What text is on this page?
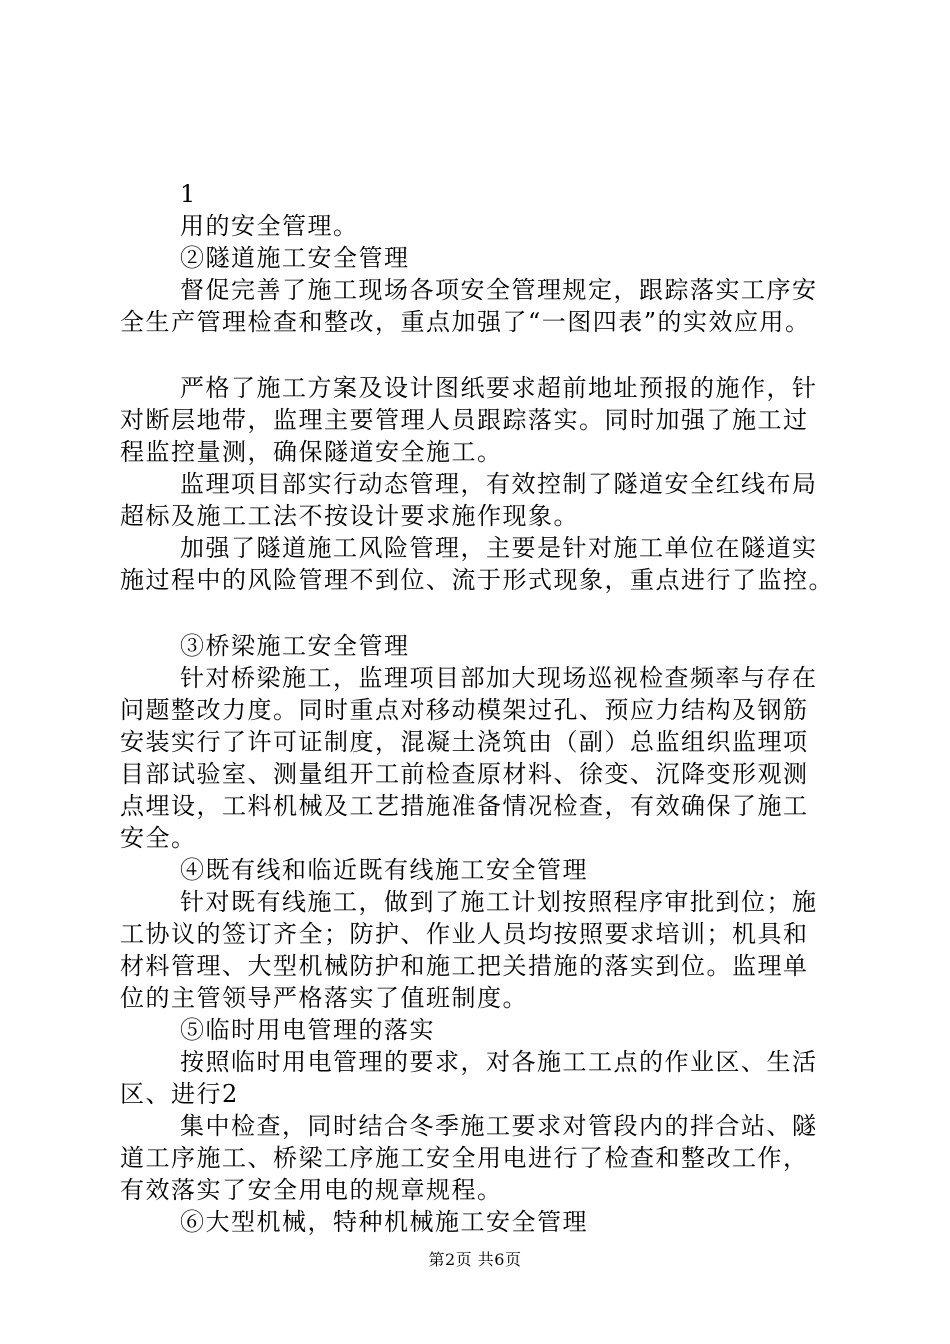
1
用的安全管理。
②隧道施工安全管理
督促完善了施工现场各项安全管理规定，跟踪落实工序安
全生产管理检查和整改，重点加强了“一图四表”的实效应用。
严格了施工方案及设计图纸要求超前地址预报的施作，针
对断层地带，监理主要管理人员跟踪落实。同时加强了施工过
程监控量测，确保隧道安全施工。
监理项目部实行动态管理，有效控制了隧道安全红线布局
超标及施工工法不按设计要求施作现象。
加强了隧道施工风险管理，主要是针对施工单位在隧道实
施过程中的风险管理不到位、流于形式现象，重点进行了监控。
③桥梁施工安全管理
针对桥梁施工，监理项目部加大现场巡视检查频率与存在
问题整改力度。同时重点对移动模架过孔、预应力结构及钢筋
安装实行了许可证制度，混凝土浇筑由（副）总监组织监理项
目部试验室、测量组开工前检查原材料、徐变、沉降变形观测
点埋设，工料机械及工艺措施准备情况检查，有效确保了施工
安全。
④既有线和临近既有线施工安全管理
针对既有线施工，做到了施工计划按照程序审批到位；施
工协议的签订齐全；防护、作业人员均按照要求培训；机具和
材料管理、大型机械防护和施工把关措施的落实到位。监理单
位的主管领导严格落实了值班制度。
⑤临时用电管理的落实
按照临时用电管理的要求，对各施工工点的作业区、生活
区、进行2
集中检查，同时结合冬季施工要求对管段内的拌合站、隧
道工序施工、桥梁工序施工安全用电进行了检查和整改工作，
有效落实了安全用电的规章规程。
⑥大型机械，特种机械施工安全管理
第2页 共6页
